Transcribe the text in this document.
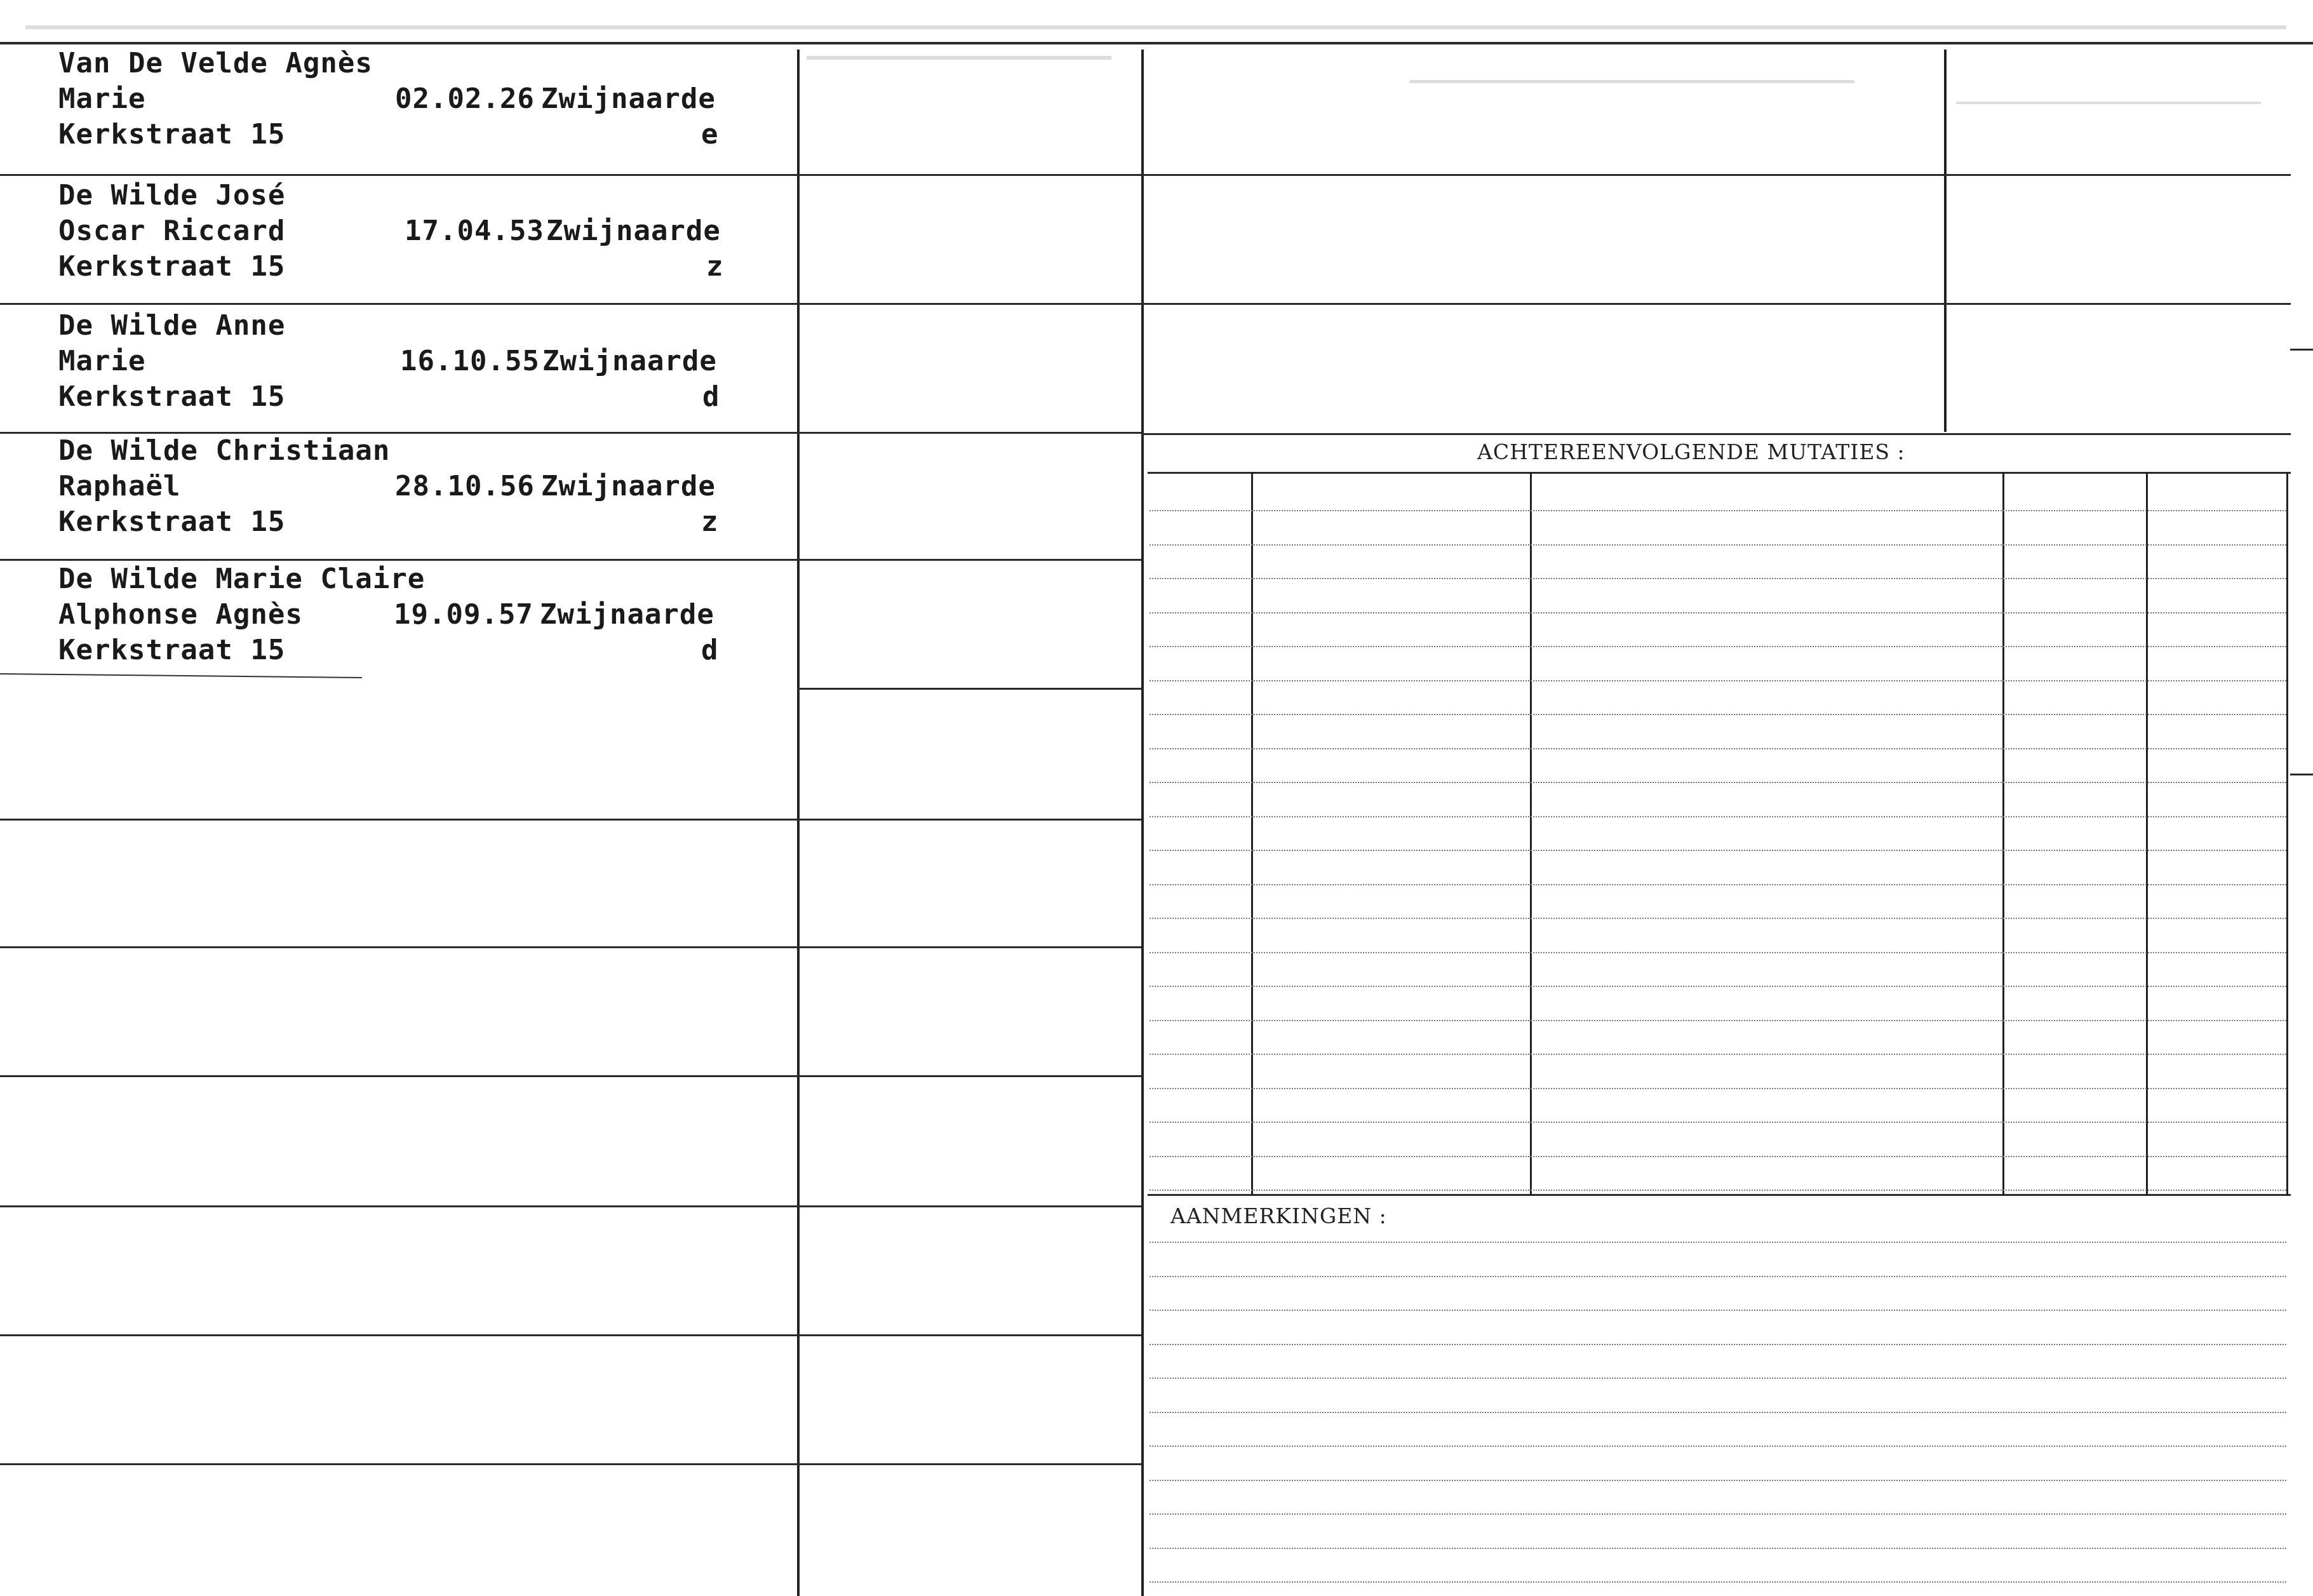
ACHTEREENVOLGENDE MUTATIES :
AANMERKINGEN :
Van De Velde Agnès
Marie	02.02.26 Zwijnaarde
Kerkstraat 15	e
De Wilde José
Oscar Riccard	17.04.53 Zwijnaarde
Kerkstraat 15	z
De Wilde Anne
Marie	16.10.55 Zwijnaarde
Kerkstraat 15	d
De Wilde Christiaan
Raphaël	28.10.56 Zwijnaarde
Kerkstraat 15	z
De Wilde Marie Claire
Alphonse Agnès	19.09.57 Zwijnaarde
Kerkstraat 15	d
